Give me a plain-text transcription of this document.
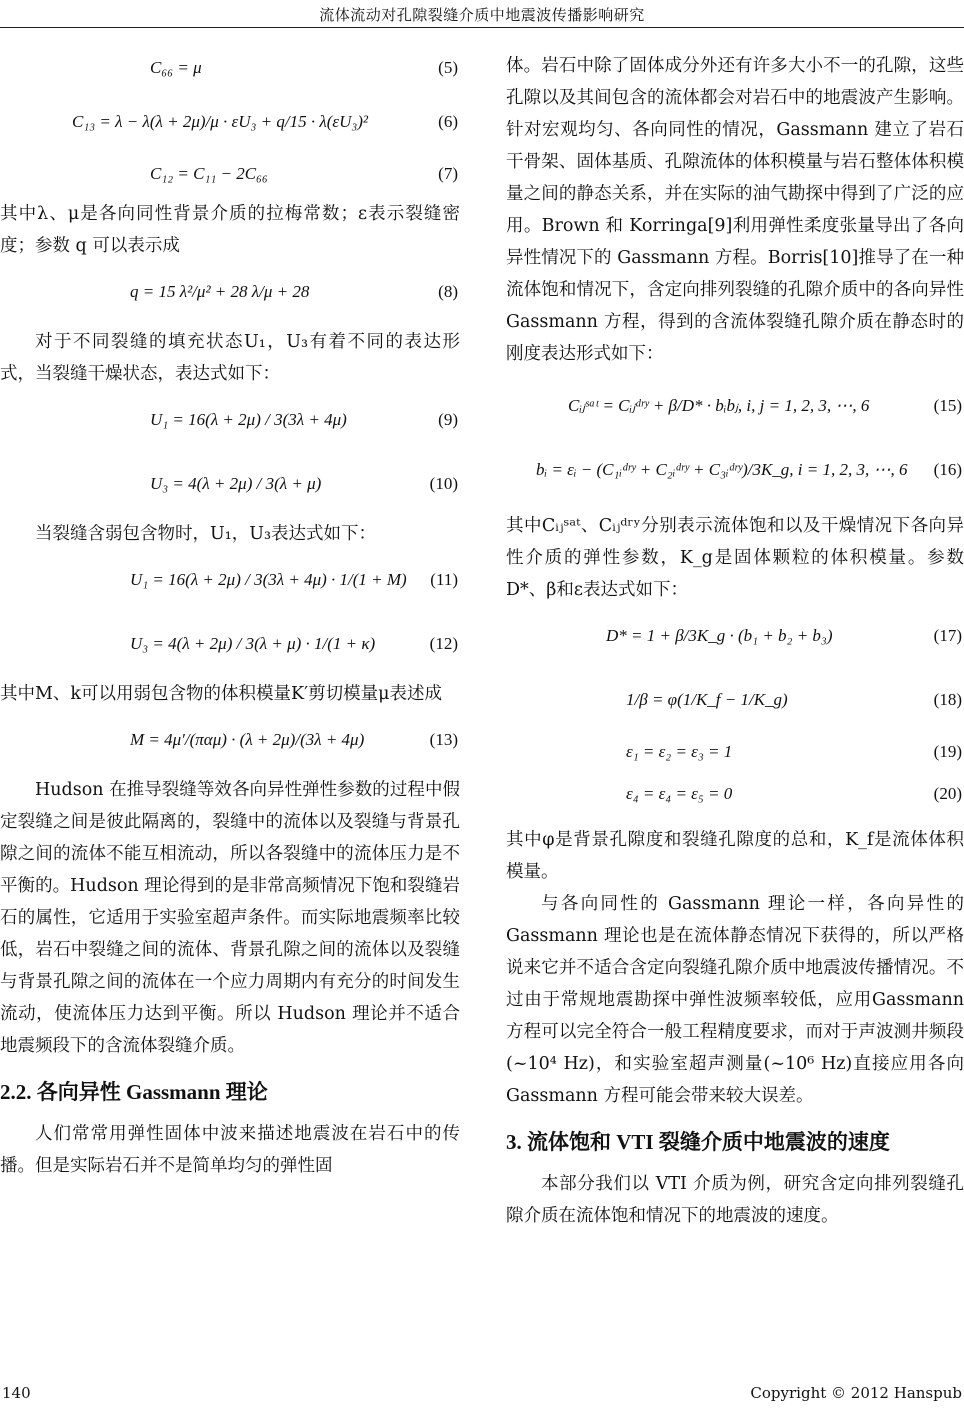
流体流动对孔隙裂缝介质中地震波传播影响研究
C₆₆ = μ	(5)
C₁₃ = λ − λ(λ + 2μ)/μ · εU₃ + q/15 · λ(εU₃)²	(6)
C₁₂ = C₁₁ − 2C₆₆	(7)

其中λ、μ是各向同性背景介质的拉梅常数；ε表示裂缝密度；参数 q 可以表示成

q = 15 λ²/μ² + 28 λ/μ + 28	(8)

对于不同裂缝的填充状态U₁，U₃有着不同的表达形式，当裂缝干燥状态，表达式如下：

U₁ = 16(λ + 2μ) / 3(3λ + 4μ)	(9)
U₃ = 4(λ + 2μ) / 3(λ + μ)	(10)

当裂缝含弱包含物时，U₁，U₃表达式如下：

U₁ = 16(λ + 2μ) / 3(3λ + 4μ) · 1/(1 + M) (11)
U₃ = 4(λ + 2μ) / 3(λ + μ) · 1/(1 + κ)	(12)

其中M、k可以用弱包含物的体积模量K′剪切模量μ表述成

M = 4μ′/(παμ) · (λ + 2μ)/(3λ + 4μ)	(13)

Hudson 在推导裂缝等效各向异性弹性参数的过程中假定裂缝之间是彼此隔离的，裂缝中的流体以及裂缝与背景孔隙之间的流体不能互相流动，所以各裂缝中的流体压力是不平衡的。Hudson 理论得到的是非常高频情况下饱和裂缝岩石的属性，它适用于实验室超声条件。而实际地震频率比较低，岩石中裂缝之间的流体、背景孔隙之间的流体以及裂缝与背景孔隙之间的流体在一个应力周期内有充分的时间发生流动，使流体压力达到平衡。所以 Hudson 理论并不适合地震频段下的含流体裂缝介质。

2.2. 各向异性 Gassmann 理论

人们常常用弹性固体中波来描述地震波在岩石中的传播。但是实际岩石并不是简单均匀的弹性固

体。岩石中除了固体成分外还有许多大小不一的孔隙，这些孔隙以及其间包含的流体都会对岩石中的地震波产生影响。针对宏观均匀、各向同性的情况，Gassmann 建立了岩石干骨架、固体基质、孔隙流体的体积模量与岩石整体体积模量之间的静态关系，并在实际的油气勘探中得到了广泛的应用。Brown 和 Korringa[9]利用弹性柔度张量导出了各向异性情况下的 Gassmann 方程。Borris[10]推导了在一种流体饱和情况下，含定向排列裂缝的孔隙介质中的各向异性 Gassmann 方程，得到的含流体裂缝孔隙介质在静态时的刚度表达形式如下：

Cᵢⱼˢᵃᵗ = Cᵢⱼᵈʳʸ + β/D* · bᵢbⱼ, i, j = 1, 2, 3, ⋯, 6	(15)
bᵢ = εᵢ − (C₁ᵢᵈʳʸ + C₂ᵢᵈʳʸ + C₃ᵢᵈʳʸ)/3K_g, i = 1, 2, 3, ⋯, 6 (16)

其中Cᵢⱼˢᵃᵗ、Cᵢⱼᵈʳʸ分别表示流体饱和以及干燥情况下各向异性介质的弹性参数，K_g是固体颗粒的体积模量。参数D*、β和ε表达式如下：

D* = 1 + β/3K_g · (b₁ + b₂ + b₃)	(17)
1/β = φ(1/K_f − 1/K_g)	(18)
ε₁ = ε₂ = ε₃ = 1	(19)
ε₄ = ε₄ = ε₅ = 0	(20)

其中φ是背景孔隙度和裂缝孔隙度的总和，K_f是流体体积模量。

与各向同性的 Gassmann 理论一样，各向异性的 Gassmann 理论也是在流体静态情况下获得的，所以严格说来它并不适合含定向裂缝孔隙介质中地震波传播情况。不过由于常规地震勘探中弹性波频率较低，应用Gassmann方程可以完全符合一般工程精度要求，而对于声波测井频段(~10⁴ Hz)，和实验室超声测量(~10⁶ Hz)直接应用各向 Gassmann 方程可能会带来较大误差。

3. 流体饱和 VTI 裂缝介质中地震波的速度

本部分我们以 VTI 介质为例，研究含定向排列裂缝孔隙介质在流体饱和情况下的地震波的速度。

140	Copyright © 2012 Hanspub
